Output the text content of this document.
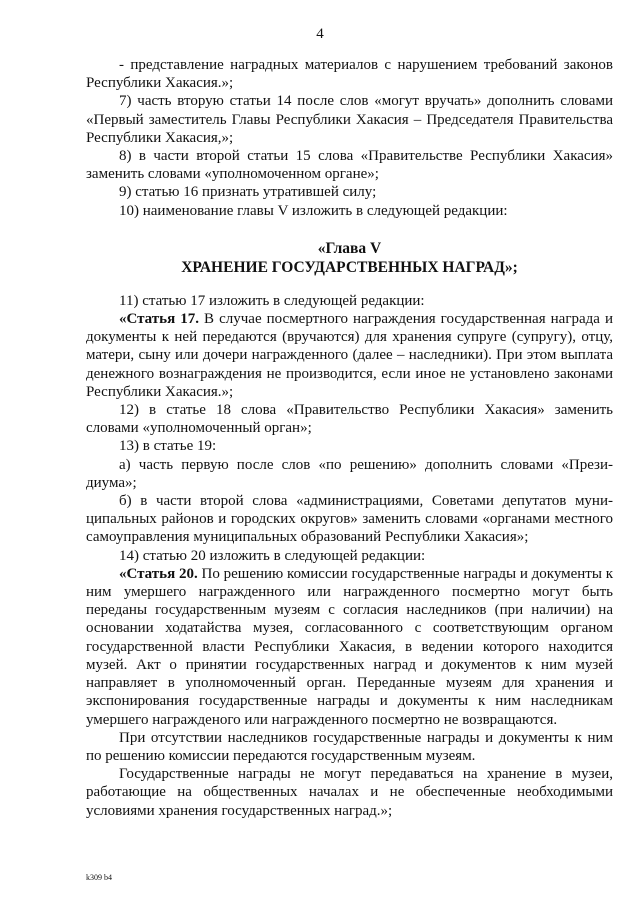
4

- представление наградных материалов с нарушением требований законов Республики Хакасия.»;

7) часть вторую статьи 14 после слов «могут вручать» дополнить словами «Первый заместитель Главы Республики Хакасия – Председателя Правительства Республики Хакасия,»;

8) в части второй статьи 15 слова «Правительстве Республики Хакасия» заменить словами «уполномоченном органе»;

9) статью 16 признать утратившей силу;

10) наименование главы V изложить в следующей редакции:

«Глава V
ХРАНЕНИЕ ГОСУДАРСТВЕННЫХ НАГРАД»;

11) статью 17 изложить в следующей редакции:

«Статья 17. В случае посмертного награждения государственная награда и документы к ней передаются (вручаются) для хранения супруге (супругу), отцу, матери, сыну или дочери награжденного (далее – наследники). При этом выплата денежного вознаграждения не производится, если иное не установлено законами Республики Хакасия.»;

12) в статье 18 слова «Правительство Республики Хакасия» заменить словами «уполномоченный орган»;

13) в статье 19:

а) часть первую после слов «по решению» дополнить словами «Президиума»;

б) в части второй слова «администрациями, Советами депутатов муниципальных районов и городских округов» заменить словами «органами местного самоуправления муниципальных образований Республики Хакасия»;

14) статью 20 изложить в следующей редакции:

«Статья 20. По решению комиссии государственные награды и документы к ним умершего награжденного или награжденного посмертно могут быть переданы государственным музеям с согласия наследников (при наличии) на основании ходатайства музея, согласованного с соответствующим органом государственной власти Республики Хакасия, в ведении которого находится музей. Акт о принятии государственных наград и документов к ним музей направляет в уполномоченный орган. Переданные музеям для хранения и экспонирования государственные награды и документы к ним наследникам умершего награжденого или награжденного посмертно не возвращаются.

При отсутствии наследников государственные награды и документы к ним по решению комиссии передаются государственным музеям.

Государственные награды не могут передаваться на хранение в музеи, работающие на общественных началах и не обеспеченные необходимыми условиями хранения государственных наград.»;

k309 b4
